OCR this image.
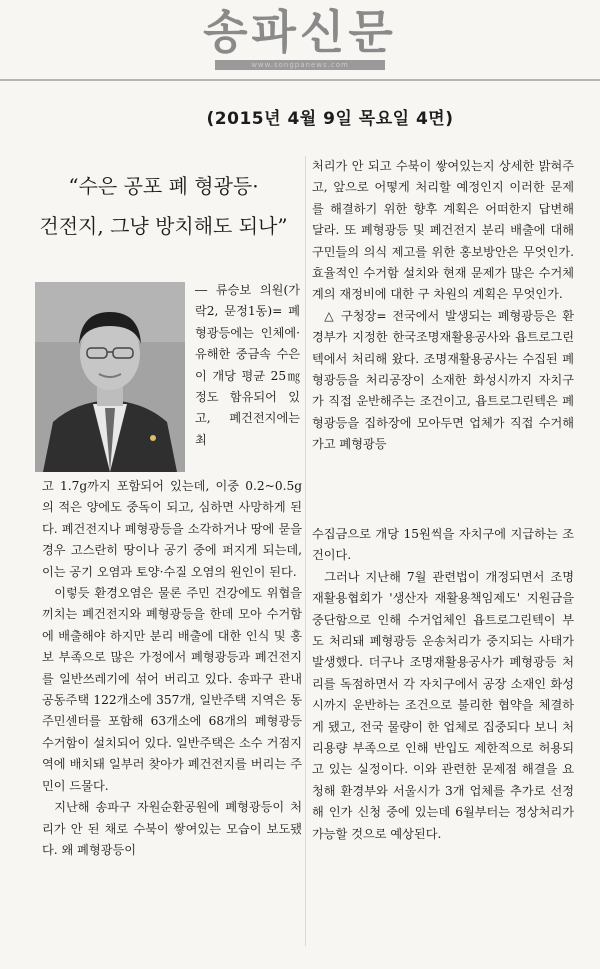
송파신문
www.songpanews.com
(2015년 4월 9일 목요일 4면)
“수은 공포 폐 형광등·
건전지, 그냥 방치해도 되나”
― 류승보 의원(가락2, 문정1동)= 폐형광등에는 인체에·유해한 중금속 수은이 개당 평균 25㎎ 정도 함유되어 있고, 폐건전지에는 최

고 1.7g까지 포함되어 있는데, 이중 0.2~0.5g의 적은 양에도 중독이 되고, 심하면 사망하게 된다. 폐건전지나 폐형광등을 소각하거나 땅에 묻을 경우 고스란히 땅이나 공기 중에 퍼지게 되는데, 이는 공기 오염과 토양·수질 오염의 원인이 된다.

이렇듯 환경오염은 물론 주민 건강에도 위협을 끼치는 폐건전지와 폐형광등을 한데 모아 수거함에 배출해야 하지만 분리 배출에 대한 인식 및 홍보 부족으로 많은 가정에서 폐형광등과 폐건전지를 일반쓰레기에 섞어 버리고 있다. 송파구 관내 공동주택 122개소에 357개, 일반주택 지역은 동주민센터를 포함해 63개소에 68개의 폐형광등 수거함이 설치되어 있다. 일반주택은 소수 거점지역에 배치돼 일부러 찾아가 폐건전지를 버리는 주민이 드물다.

지난해 송파구 자원순환공원에 폐형광등이 처리가 안 된 채로 수북이 쌓여있는 모습이 보도됐다. 왜 폐형광등이

처리가 안 되고 수북이 쌓여있는지 상세한 밝혀주고, 앞으로 어떻게 처리할 예정인지 이러한 문제를 해결하기 위한 향후 계획은 어떠한지 답변해 달라. 또 폐형광등 및 폐건전지 분리 배출에 대해 구민들의 의식 제고를 위한 홍보방안은 무엇인가. 효율적인 수거함 설치와 현재 문제가 많은 수거체계의 재정비에 대한 구 차원의 계획은 무엇인가.

△ 구청장= 전국에서 발생되는 폐형광등은 환경부가 지정한 한국조명재활용공사와 욥트로그린텍에서 처리해 왔다. 조명재활용공사는 수집된 폐형광등을 처리공장이 소재한 화성시까지 자치구가 직접 운반해주는 조건이고, 욥트로그린텍은 폐형광등을 집하장에 모아두면 업체가 직접 수거해가고 폐형광등

수집금으로 개당 15원씩을 자치구에 지급하는 조건이다.

그러나 지난해 7월 관련법이 개정되면서 조명재활용협회가 '생산자 재활용책임제도' 지원금을 중단함으로 인해 수거업체인 욥트로그린텍이 부도 처리돼 폐형광등 운송처리가 중지되는 사태가 발생했다. 더구나 조명재활용공사가 폐형광등 처리를 독점하면서 각 자치구에서 공장 소재인 화성시까지 운반하는 조건으로 불리한 협약을 체결하게 됐고, 전국 물량이 한 업체로 집중되다 보니 처리용량 부족으로 인해 반입도 제한적으로 허용되고 있는 실정이다. 이와 관련한 문제점 해결을 요청해 환경부와 서울시가 3개 업체를 추가로 선정해 인가 신청 중에 있는데 6월부터는 정상처리가 가능할 것으로 예상된다.
